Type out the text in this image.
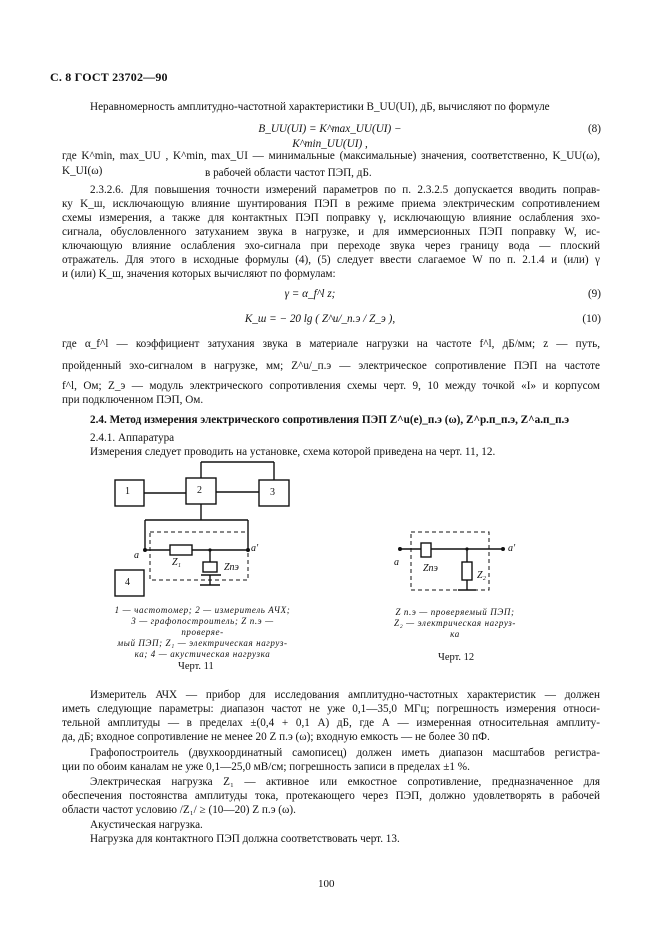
С. 8 ГОСТ 23702—90
Неравномерность амплитудно-частотной характеристики B_UU(UI), дБ, вычисляют по формуле
B_UU(UI) = K^max_UU(UI) − K^min_UU(UI) ,
(8)
где K^min, max_UU , K^min, max_UI — минимальные (максимальные) значения, соответственно, K_UU(ω), K_UI(ω)	в рабочей области частот ПЭП, дБ.
2.3.2.6. Для повышения точности измерений параметров по п. 2.3.2.5 допускается вводить поправ-
ку K_ш, исключающую влияние шунтирования ПЭП в режиме приема электрическим сопротивлением
схемы измерения, а также для контактных ПЭП поправку γ, исключающую влияние ослабления эхо-
сигнала, обусловленного затуханием звука в нагрузке, и для иммерсионных ПЭП поправку W, ис-
ключающую влияние ослабления эхо-сигнала при переходе звука через границу вода — плоский
отражатель. Для этого в исходные формулы (4), (5) следует ввести слагаемое W по п. 2.1.4 и (или) γ
и (или) K_ш, значения которых вычисляют по формулам:
γ = α_f^l z;	(9)
K_ш = − 20 lg ( Z^u/_п.э / Z_э ),	(10)
где α_f^l — коэффициент затухания звука в материале нагрузки на частоте f^l, дБ/мм; z — путь,
пройденный эхо-сигналом в нагрузке, мм; Z^u/_п.э — электрическое сопротивление ПЭП на частоте
f^l, Ом; Z_э — модуль электрического сопротивления схемы черт. 9, 10 между точкой «I» и корпусом
при подключенном ПЭП, Ом.
2.4. Метод измерения электрического сопротивления ПЭП Z^u(е)_п.э (ω), Z^р.п_п.э, Z^а.п_п.э
2.4.1. Аппаратура
Измерения следует проводить на установке, схема которой приведена на черт. 11, 12.
1	2	3
4
Z₁	Zпэ
a
a'
1 — частотомер; 2 — измеритель АЧХ;
3 — графопостроитель; Z п.э — проверяе-
мый ПЭП; Z₁ — электрическая нагруз-
ка; 4 — акустическая нагрузка
Черт. 11
Zпэ
Z₂
a
a'
Z п.э — проверяемый ПЭП;
Z₂ — электрическая нагруз-
ка
Черт. 12
Измеритель АЧХ — прибор для исследования амплитудно-частотных характеристик — должен
иметь следующие параметры: диапазон частот не уже 0,1—35,0 МГц; погрешность измерения относи-
тельной амплитуды — в пределах ±(0,4 + 0,1 А) дБ, где А — измеренная относительная амплиту-
да, дБ; входное сопротивление не менее 20 Z п.э (ω); входную емкость — не более 30 пФ.
Графопостроитель (двухкоординатный самописец) должен иметь диапазон масштабов регистра-
ции по обоим каналам не уже 0,1—25,0 мВ/см; погрешность записи в пределах ±1 %.
Электрическая нагрузка Z₁ — активное или емкостное сопротивление, предназначенное для
обеспечения постоянства амплитуды тока, протекающего через ПЭП, должно удовлетворять в рабочей
области частот условию /Z₁/ ≥ (10—20) Z п.э (ω).
Акустическая нагрузка.
Нагрузка для контактного ПЭП должна соответствовать черт. 13.
100
